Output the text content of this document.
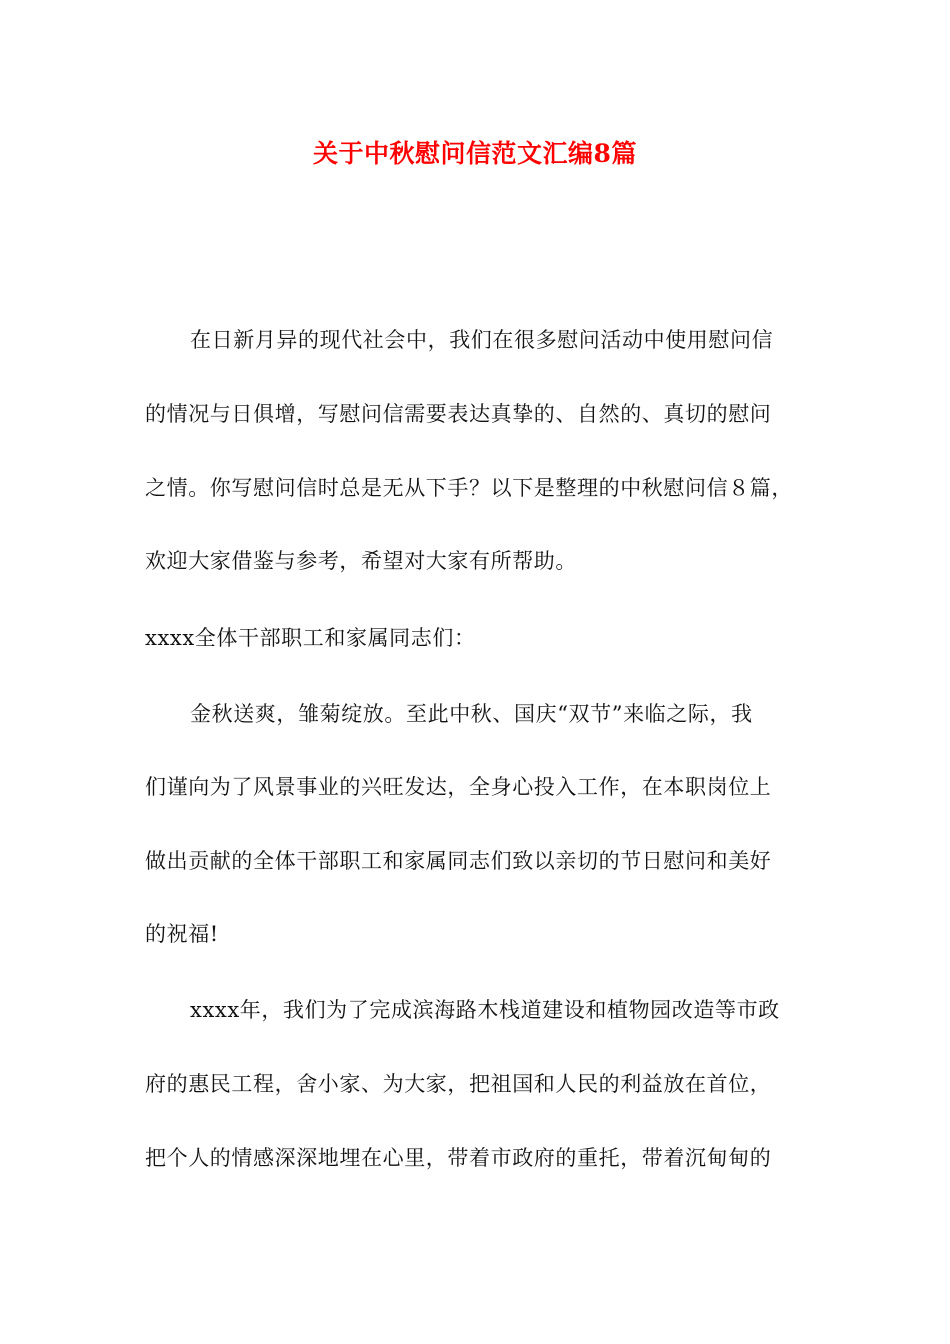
关于中秋慰问信范文汇编8篇

在日新月异的现代社会中，我们在很多慰问活动中使用慰问信

的情况与日俱增，写慰问信需要表达真挚的、自然的、真切的慰问

之情。你写慰问信时总是无从下手？以下是整理的中秋慰问信８篇，

欢迎大家借鉴与参考，希望对大家有所帮助。

xxxx全体干部职工和家属同志们：

金秋送爽，雏菊绽放。至此中秋、国庆“双节”来临之际，我

们谨向为了风景事业的兴旺发达，全身心投入工作，在本职岗位上

做出贡献的全体干部职工和家属同志们致以亲切的节日慰问和美好

的祝福!

xxxx年，我们为了完成滨海路木栈道建设和植物园改造等市政

府的惠民工程，舍小家、为大家，把祖国和人民的利益放在首位，

把个人的情感深深地埋在心里，带着市政府的重托，带着沉甸甸的
